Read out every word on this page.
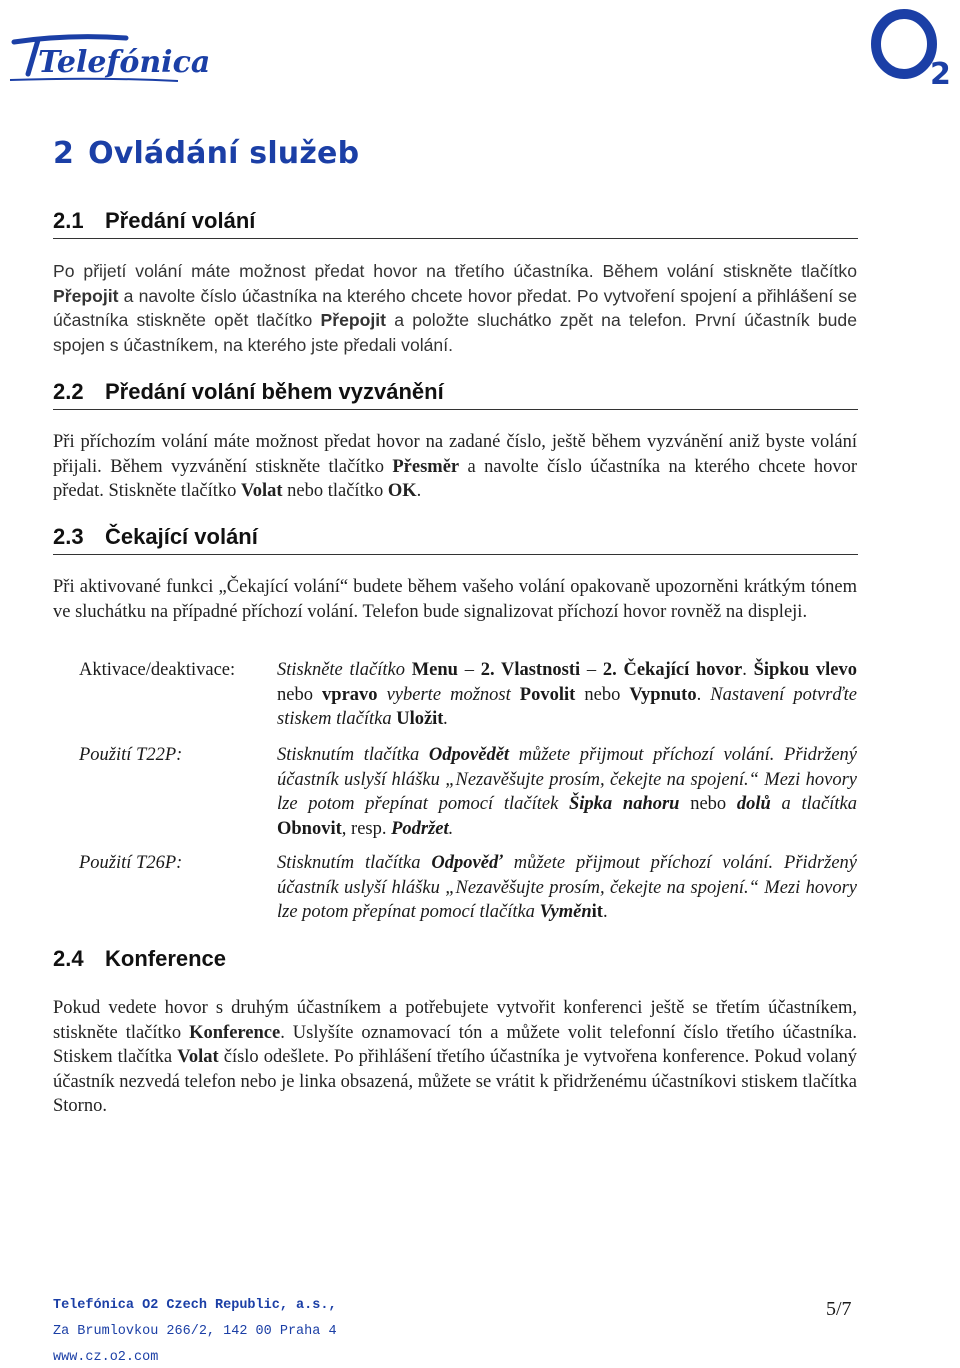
Telefónica	2
2 Ovládání služeb
2.1 Předání volání

Po přijetí volání máte možnost předat hovor na třetího účastníka. Během volání stiskněte tlačítko Přepojit a navolte číslo účastníka na kterého chcete hovor předat. Po vytvoření spojení a přihlášení se účastníka stiskněte opět tlačítko Přepojit a položte sluchátko zpět na telefon. První účastník bude spojen s účastníkem, na kterého jste předali volání.

2.2 Předání volání během vyzvánění

Při příchozím volání máte možnost předat hovor na zadané číslo, ještě během vyzvánění aniž byste volání přijali. Během vyzvánění stiskněte tlačítko Přesměr a navolte číslo účastníka na kterého chcete hovor předat. Stiskněte tlačítko Volat nebo tlačítko OK.

2.3 Čekající volání

Při aktivované funkci „Čekající volání“ budete během vašeho volání opakovaně upozorněni krátkým tónem ve sluchátku na případné příchozí volání. Telefon bude signalizovat příchozí hovor rovněž na displeji.

Aktivace/deaktivace: Stiskněte tlačítko Menu – 2. Vlastnosti – 2. Čekající hovor. Šipkou vlevo nebo vpravo vyberte možnost Povolit nebo Vypnuto. Nastavení potvrďte stiskem tlačítka Uložit.

Použití T22P:	Stisknutím tlačítka Odpovědět můžete přijmout příchozí volání. Přidržený účastník uslyší hlášku „Nezavěšujte prosím, čekejte na spojení.“ Mezi hovory lze potom přepínat pomocí tlačítek Šipka nahoru nebo dolů a tlačítka Obnovit, resp. Podržet.

Použití T26P:	Stisknutím tlačítka Odpověď můžete přijmout příchozí volání. Přidržený účastník uslyší hlášku „Nezavěšujte prosím, čekejte na spojení.“ Mezi hovory lze potom přepínat pomocí tlačítka Vyměnit.

2.4 Konference

Pokud vedete hovor s druhým účastníkem a potřebujete vytvořit konferenci ještě se třetím účastníkem, stiskněte tlačítko Konference. Uslyšíte oznamovací tón a můžete volit telefonní číslo třetího účastníka. Stiskem tlačítka Volat číslo odešlete. Po přihlášení třetího účastníka je vytvořena konference. Pokud volaný účastník nezvedá telefon nebo je linka obsazená, můžete se vrátit k přidrženému účastníkovi stiskem tlačítka Storno.

Telefónica O2 Czech Republic, a.s.,

Za Brumlovkou 266/2, 142 00 Praha 4

www.cz.o2.com

5/7
